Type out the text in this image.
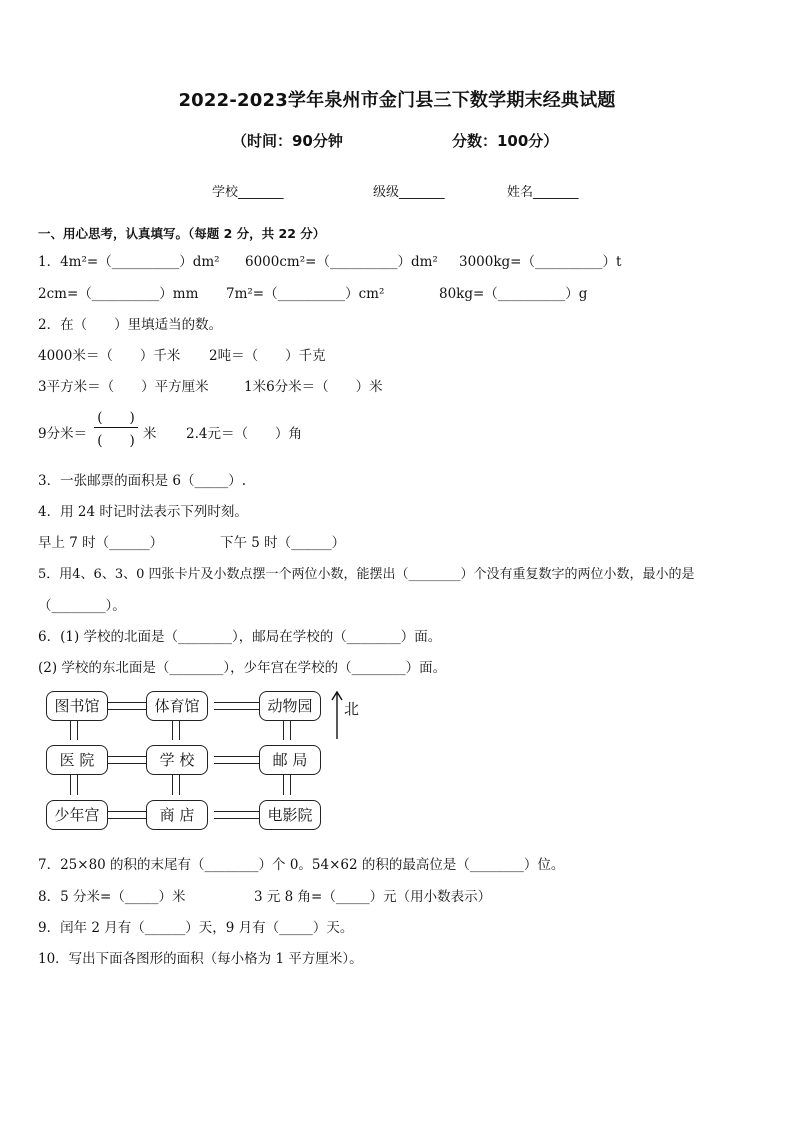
2022-2023学年泉州市金门县三下数学期末经典试题
（时间：90分钟	分数：100分）
学校_______	级级_______	姓名_______
一、用心思考，认真填写。（每题 2 分，共 22 分）
1．4m²=（__________）dm² 6000cm²=（__________）dm² 3000kg=（__________）t
2cm=（__________）mm 7m²=（__________）cm²	80kg=（__________）g
2．在（　　）里填适当的数。
4000米＝（　　）千米 2吨＝（　　）千克
3平方米＝（　　）平方厘米	1米6分米＝（　　）米
9分米＝
(　　)
(　　) 米 2.4元＝（　　）角
3．一张邮票的面积是 6（_____）.
4．用 24 时记时法表示下列时刻。
早上 7 时（______）	下午 5 时（______）
5．用4、6、3、0 四张卡片及小数点摆一个两位小数，能摆出（________）个没有重复数字的两位小数，最小的是
（________）。
6．(1) 学校的北面是（________），邮局在学校的（________）面。
(2) 学校的东北面是（________），少年宫在学校的（________）面。
图书馆	体育馆	动物园
医 院	学 校	邮 局
少年宫	商 店	电影院
北
7．25×80 的积的末尾有（________）个 0。54×62 的积的最高位是（________）位。
8．5 分米=（_____）米	3 元 8 角=（_____）元（用小数表示）
9．闰年 2 月有（______）天，9 月有（_____）天。
10．写出下面各图形的面积（每小格为 1 平方厘米）。
